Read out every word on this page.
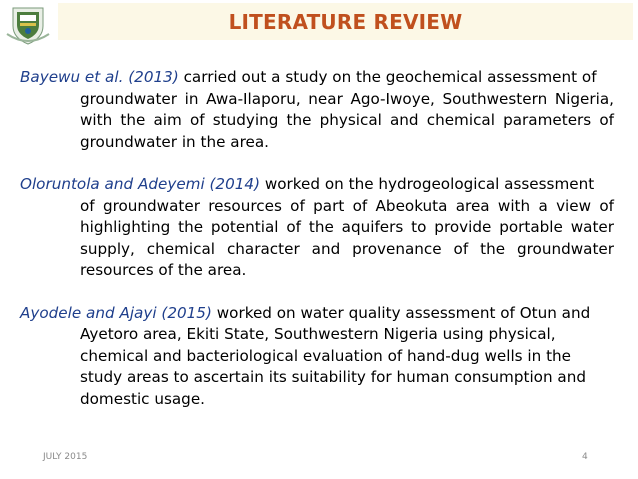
LITERATURE REVIEW

Bayewu et al. (2013) carried out a study on the geochemical assessment of
groundwater in Awa-Ilaporu, near Ago-Iwoye, Southwestern Nigeria, with the aim of studying the physical and chemical parameters of groundwater in the area.

Oloruntola and Adeyemi (2014) worked on the hydrogeological assessment
of groundwater resources of part of Abeokuta area with a view of highlighting the potential of the aquifers to provide portable water supply, chemical character and provenance of the groundwater resources of the area.

Ayodele and Ajayi (2015) worked on water quality assessment of Otun and
Ayetoro area, Ekiti State, Southwestern Nigeria using physical, chemical and bacteriological evaluation of hand-dug wells in the study areas to ascertain its suitability for human consumption and domestic usage.

JULY 2015	4
